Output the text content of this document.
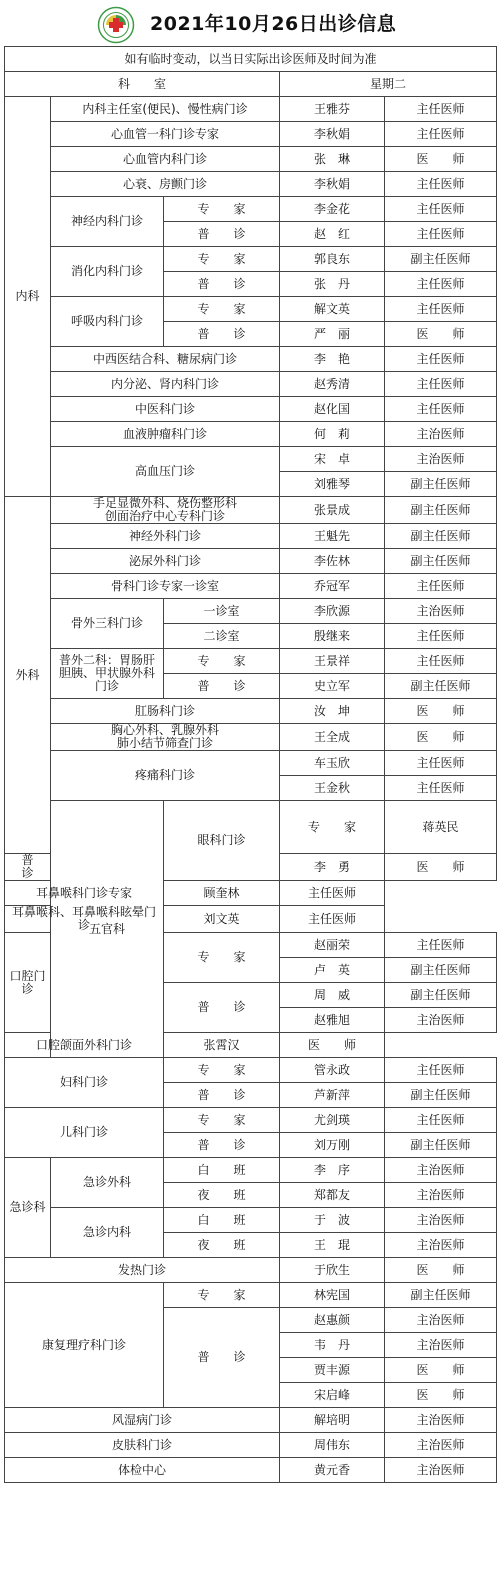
2021年10月26日出诊信息
如有临时变动，以当日实际出诊医师及时间为准					
科　　室			星期二		
内科	内科主任室(便民)、慢性病门诊		王雅芬	主任医师	
	心血管一科门诊专家		李秋娟	主任医师	
	心血管内科门诊		张　琳	医　　师	
	心衰、房颤门诊		李秋娟	主任医师	
	神经内科门诊	专　　家	李金花	主任医师	
		普　　诊	赵　红	主任医师	
	消化内科门诊	专　　家	郭良东	副主任医师	
		普　　诊	张　丹	主任医师	
	呼吸内科门诊	专　　家	解文英	主任医师	
		普　　诊	严　丽	医　　师	
	中西医结合科、糖尿病门诊		李　艳	主任医师	
	内分泌、肾内科门诊		赵秀清	主任医师	
	中医科门诊		赵化国	主任医师	
	血液肿瘤科门诊		何　莉	主治医师	
	高血压门诊		宋　卓	主治医师	
			刘雅琴	副主任医师	
外科	手足显微外科、烧伤整形科
创面治疗中心专科门诊		张景成	副主任医师	
	神经外科门诊		王魁先	副主任医师	
	泌尿外科门诊		李佐林	副主任医师	
	骨科门诊专家一诊室		乔冠军	主任医师	
	骨外三科门诊	一诊室	李欣源	主治医师	
		二诊室	殷继来	主任医师	

	普外二科：胃肠肝
胆胰、甲状腺外科
门诊	专　　家	王景祥	主任医师	
		普　　诊	史立军	副主任医师	
	肛肠科门诊		汝　坤	医　　师	

	胸心外科、乳腺外科
肺小结节筛查门诊		王全成	医　　师	
	疼痛科门诊		车玉欣	主任医师	
			王金秋	主任医师	
	五官科	眼科门诊	专　　家	蒋英民	
普　　诊			李　勇	医　　师	
耳鼻喉科门诊专家		顾奎林	主任医师		
耳鼻喉科、耳鼻喉科眩晕门诊		刘文英	主任医师		
口腔门诊		专　　家	赵丽荣	主任医师	
			卢　英	副主任医师	
		普　　诊	周　威	副主任医师	
			赵雅旭	主治医师	
口腔颌面外科门诊		张霄汉	医　　师		
妇科门诊		专　　家	管永政	主任医师	
		普　　诊	芦新萍	副主任医师	
儿科门诊		专　　家	尤剑瑛	主任医师	
		普　　诊	刘万刚	副主任医师	
急诊科	急诊外科	白　　班	李　序	主治医师	
		夜　　班	郑都友	主治医师	
	急诊内科	白　　班	于　波	主治医师	
		夜　　班	王　琨	主治医师	
发热门诊			于欣生	医　　师	
康复理疗科门诊		专　　家	林宪国	副主任医师	
		普　　诊	赵惠颜	主治医师	
			韦　丹	主治医师	
			贾丰源	医　　师	
			宋启峰	医　　师	
风湿病门诊			解培明	主治医师	
皮肤科门诊			周伟东	主治医师	
体检中心			黄元香	主治医师	
